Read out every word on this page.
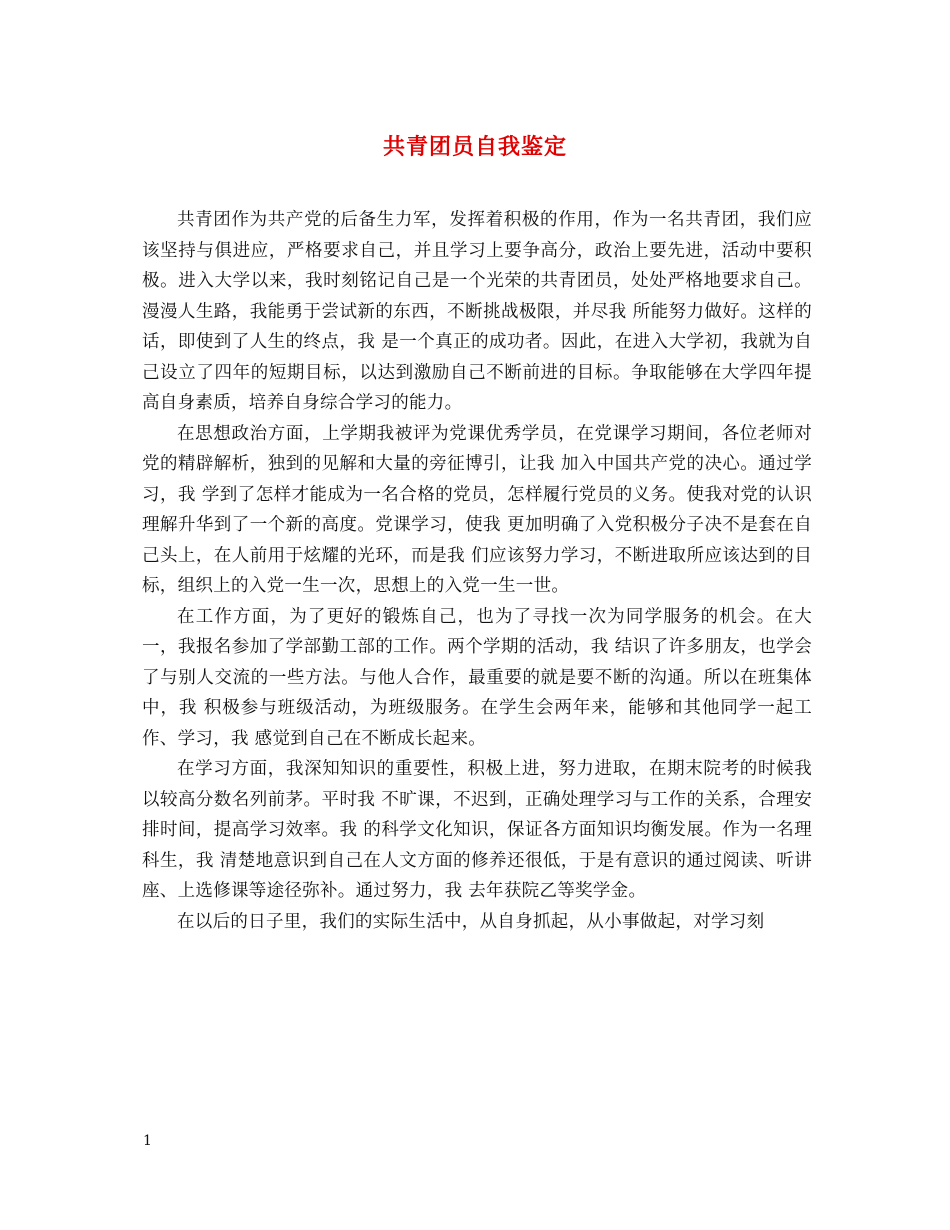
共青团员自我鉴定

共青团作为共产党的后备生力军，发挥着积极的作用，作为一名共青团，我们应该坚持与俱进应，严格要求自己，并且学习上要争高分，政治上要先进，活动中要积极。进入大学以来，我时刻铭记自己是一个光荣的共青团员，处处严格地要求自己。漫漫人生路，我能勇于尝试新的东西，不断挑战极限，并尽我 所能努力做好。这样的话，即使到了人生的终点，我 是一个真正的成功者。因此，在进入大学初，我就为自己设立了四年的短期目标，以达到激励自己不断前进的目标。争取能够在大学四年提高自身素质，培养自身综合学习的能力。

在思想政治方面，上学期我被评为党课优秀学员，在党课学习期间，各位老师对党的精辟解析，独到的见解和大量的旁征博引，让我 加入中国共产党的决心。通过学习，我 学到了怎样才能成为一名合格的党员，怎样履行党员的义务。使我对党的认识理解升华到了一个新的高度。党课学习，使我 更加明确了入党积极分子决不是套在自己头上，在人前用于炫耀的光环，而是我 们应该努力学习，不断进取所应该达到的目标，组织上的入党一生一次，思想上的入党一生一世。

在工作方面，为了更好的锻炼自己，也为了寻找一次为同学服务的机会。在大一，我报名参加了学部勤工部的工作。两个学期的活动，我 结识了许多朋友，也学会了与别人交流的一些方法。与他人合作，最重要的就是要不断的沟通。所以在班集体中，我 积极参与班级活动，为班级服务。在学生会两年来，能够和其他同学一起工作、学习，我 感觉到自己在不断成长起来。

在学习方面，我深知知识的重要性，积极上进，努力进取，在期末院考的时候我 以较高分数名列前茅。平时我 不旷课，不迟到，正确处理学习与工作的关系，合理安排时间，提高学习效率。我 的科学文化知识，保证各方面知识均衡发展。作为一名理科生，我 清楚地意识到自己在人文方面的修养还很低，于是有意识的通过阅读、听讲座、上选修课等途径弥补。通过努力，我 去年获院乙等奖学金。

在以后的日子里，我们的实际生活中，从自身抓起，从小事做起，对学习刻

1
